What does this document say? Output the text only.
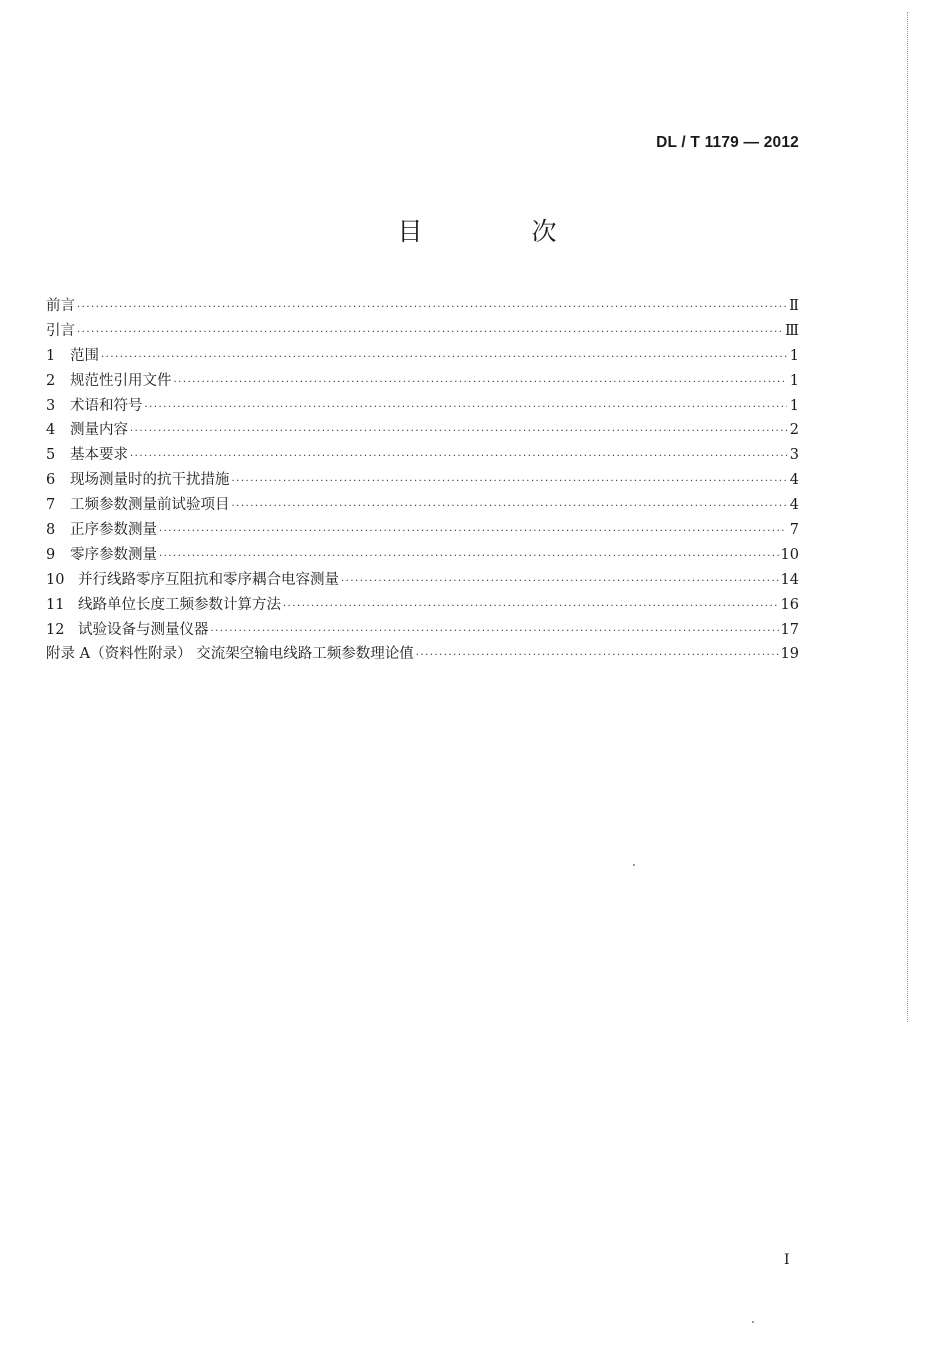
DL / T 1179 — 2012
目　次
前言 ·····	Ⅱ
引言 ·····	Ⅲ
1	范围 ·····	1
2	规范性引用文件 ·····	1
3	术语和符号 ·····	1
4	测量内容 ·····	2
5	基本要求 ·····	3
6	现场测量时的抗干扰措施 ·····	4
7	工频参数测量前试验项目 ·····	4
8	正序参数测量 ·····	7
9	零序参数测量 ·····	10
10 并行线路零序互阻抗和零序耦合电容测量 ·····	14
11 线路单位长度工频参数计算方法 ·····	16
12 试验设备与测量仪器 ·····	17
附录 A（资料性附录） 交流架空输电线路工频参数理论值 ·····	19
I
